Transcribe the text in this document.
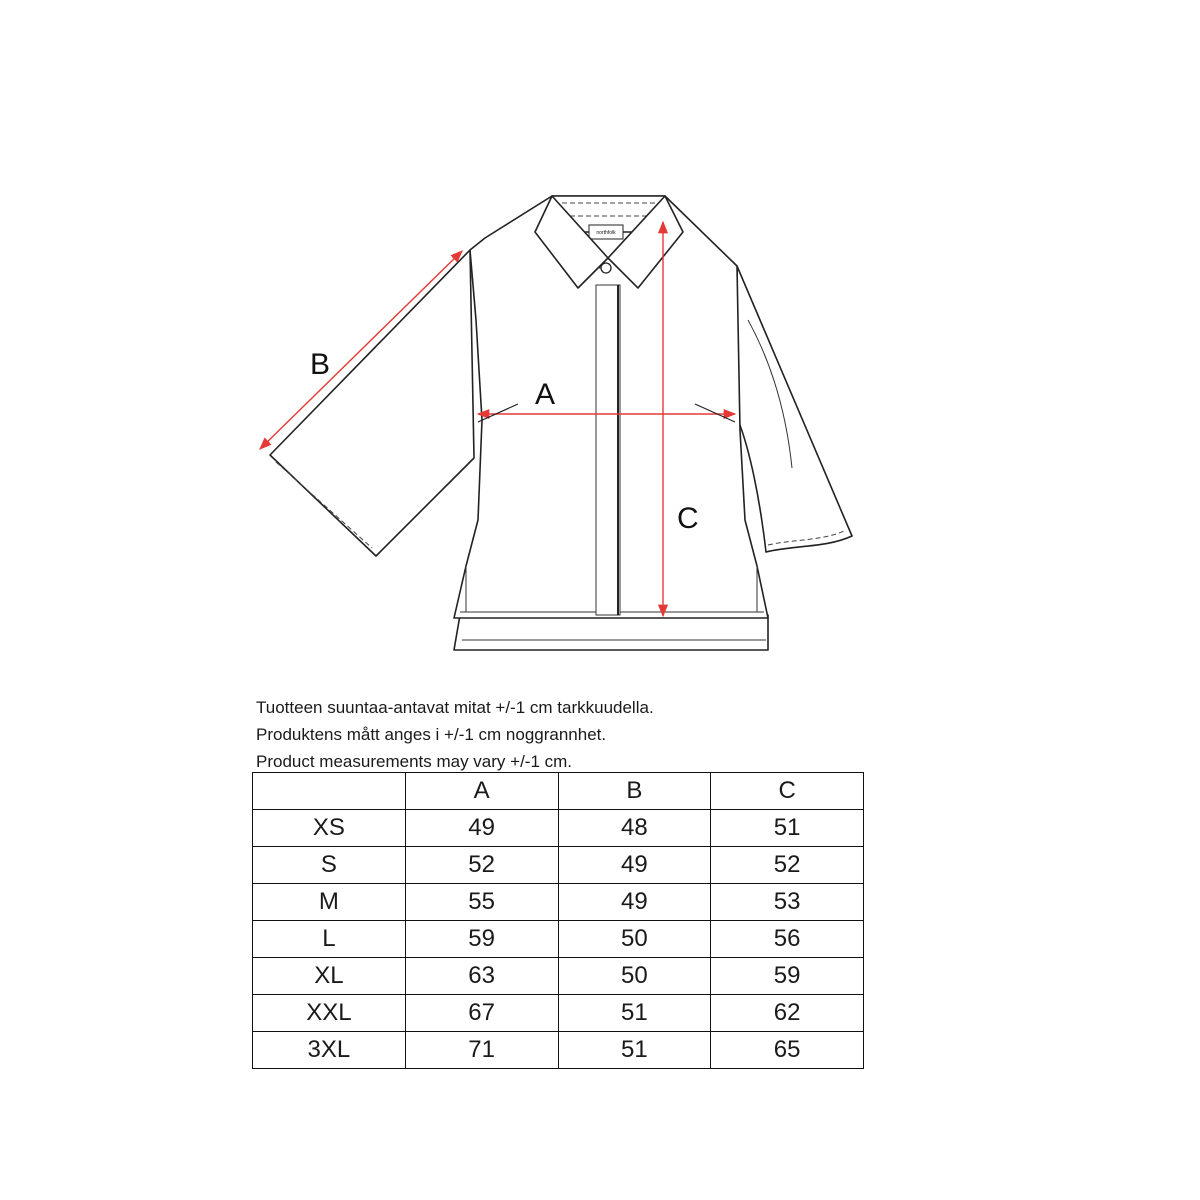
northfolk
B
A
C
Tuotteen suuntaa-antavat mitat +/-1 cm tarkkuudella.
Produktens mått anges i +/-1 cm noggrannhet.
Product measurements may vary +/-1 cm.
	A	B	C
XS	49	48	51
S	52	49	52
M	55	49	53
L	59	50	56
XL	63	50	59
XXL	67	51	62
3XL	71	51	65
